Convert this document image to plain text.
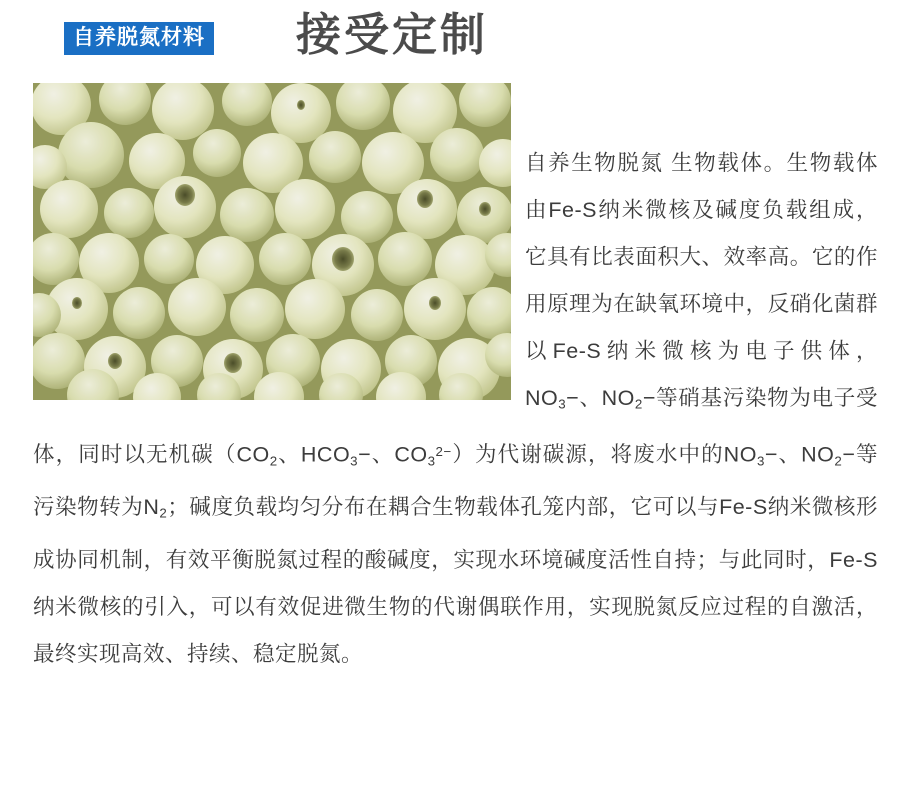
自养脱氮材料 接受定制

自养生物脱氮 生物载体。生物载体由Fe-S纳米微核及碱度负载组成，它具有比表面积大、效率高。它的作用原理为在缺氧环境中，反硝化菌群以Fe-S纳米微核为电子供体，$NO_3-$、$NO_2-$等硝基污染物为电子受体，同时以无机碳（$CO_2$、$HCO_3-$、$CO_3^{2-}$）为代谢碳源，将废水中的$NO_3-$、$NO_2-$等污染物转为$N_2$；碱度负载均匀分布在耦合生物载体孔笼内部，它可以与Fe-S纳米微核形成协同机制，有效平衡脱氮过程的酸碱度，实现水环境碱度活性自持；与此同时，Fe-S纳米微核的引入，可以有效促进微生物的代谢偶联作用，实现脱氮反应过程的自激活，最终实现高效、持续、稳定脱氮。
